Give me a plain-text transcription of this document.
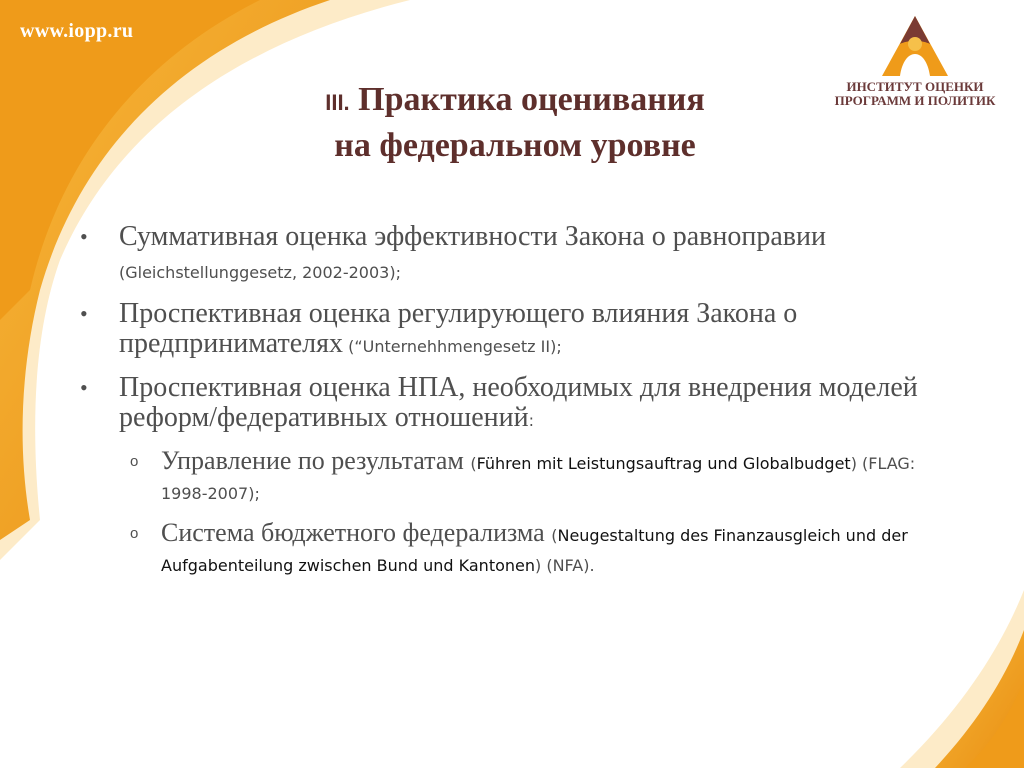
www.iopp.ru
ИНСТИТУТ ОЦЕНКИ
ПРОГРАММ И ПОЛИТИК
III. Практика оценивания
на федеральном уровне
• Суммативная оценка эффективности Закона о равноправии (Gleichstellunggesetz, 2002-2003);
• Проспективная оценка регулирующего влияния Закона о предпринимателях (“Unternehhmengesetz II);
• Проспективная оценка НПА, необходимых для внедрения моделей реформ/федеративных отношений:
o Управление по результатам (Führen mit Leistungsauftrag und Globalbudget) (FLAG: 1998-2007);
o Система бюджетного федерализма (Neugestaltung des Finanzausgleich und der Aufgabenteilung zwischen Bund und Kantonen) (NFA).
